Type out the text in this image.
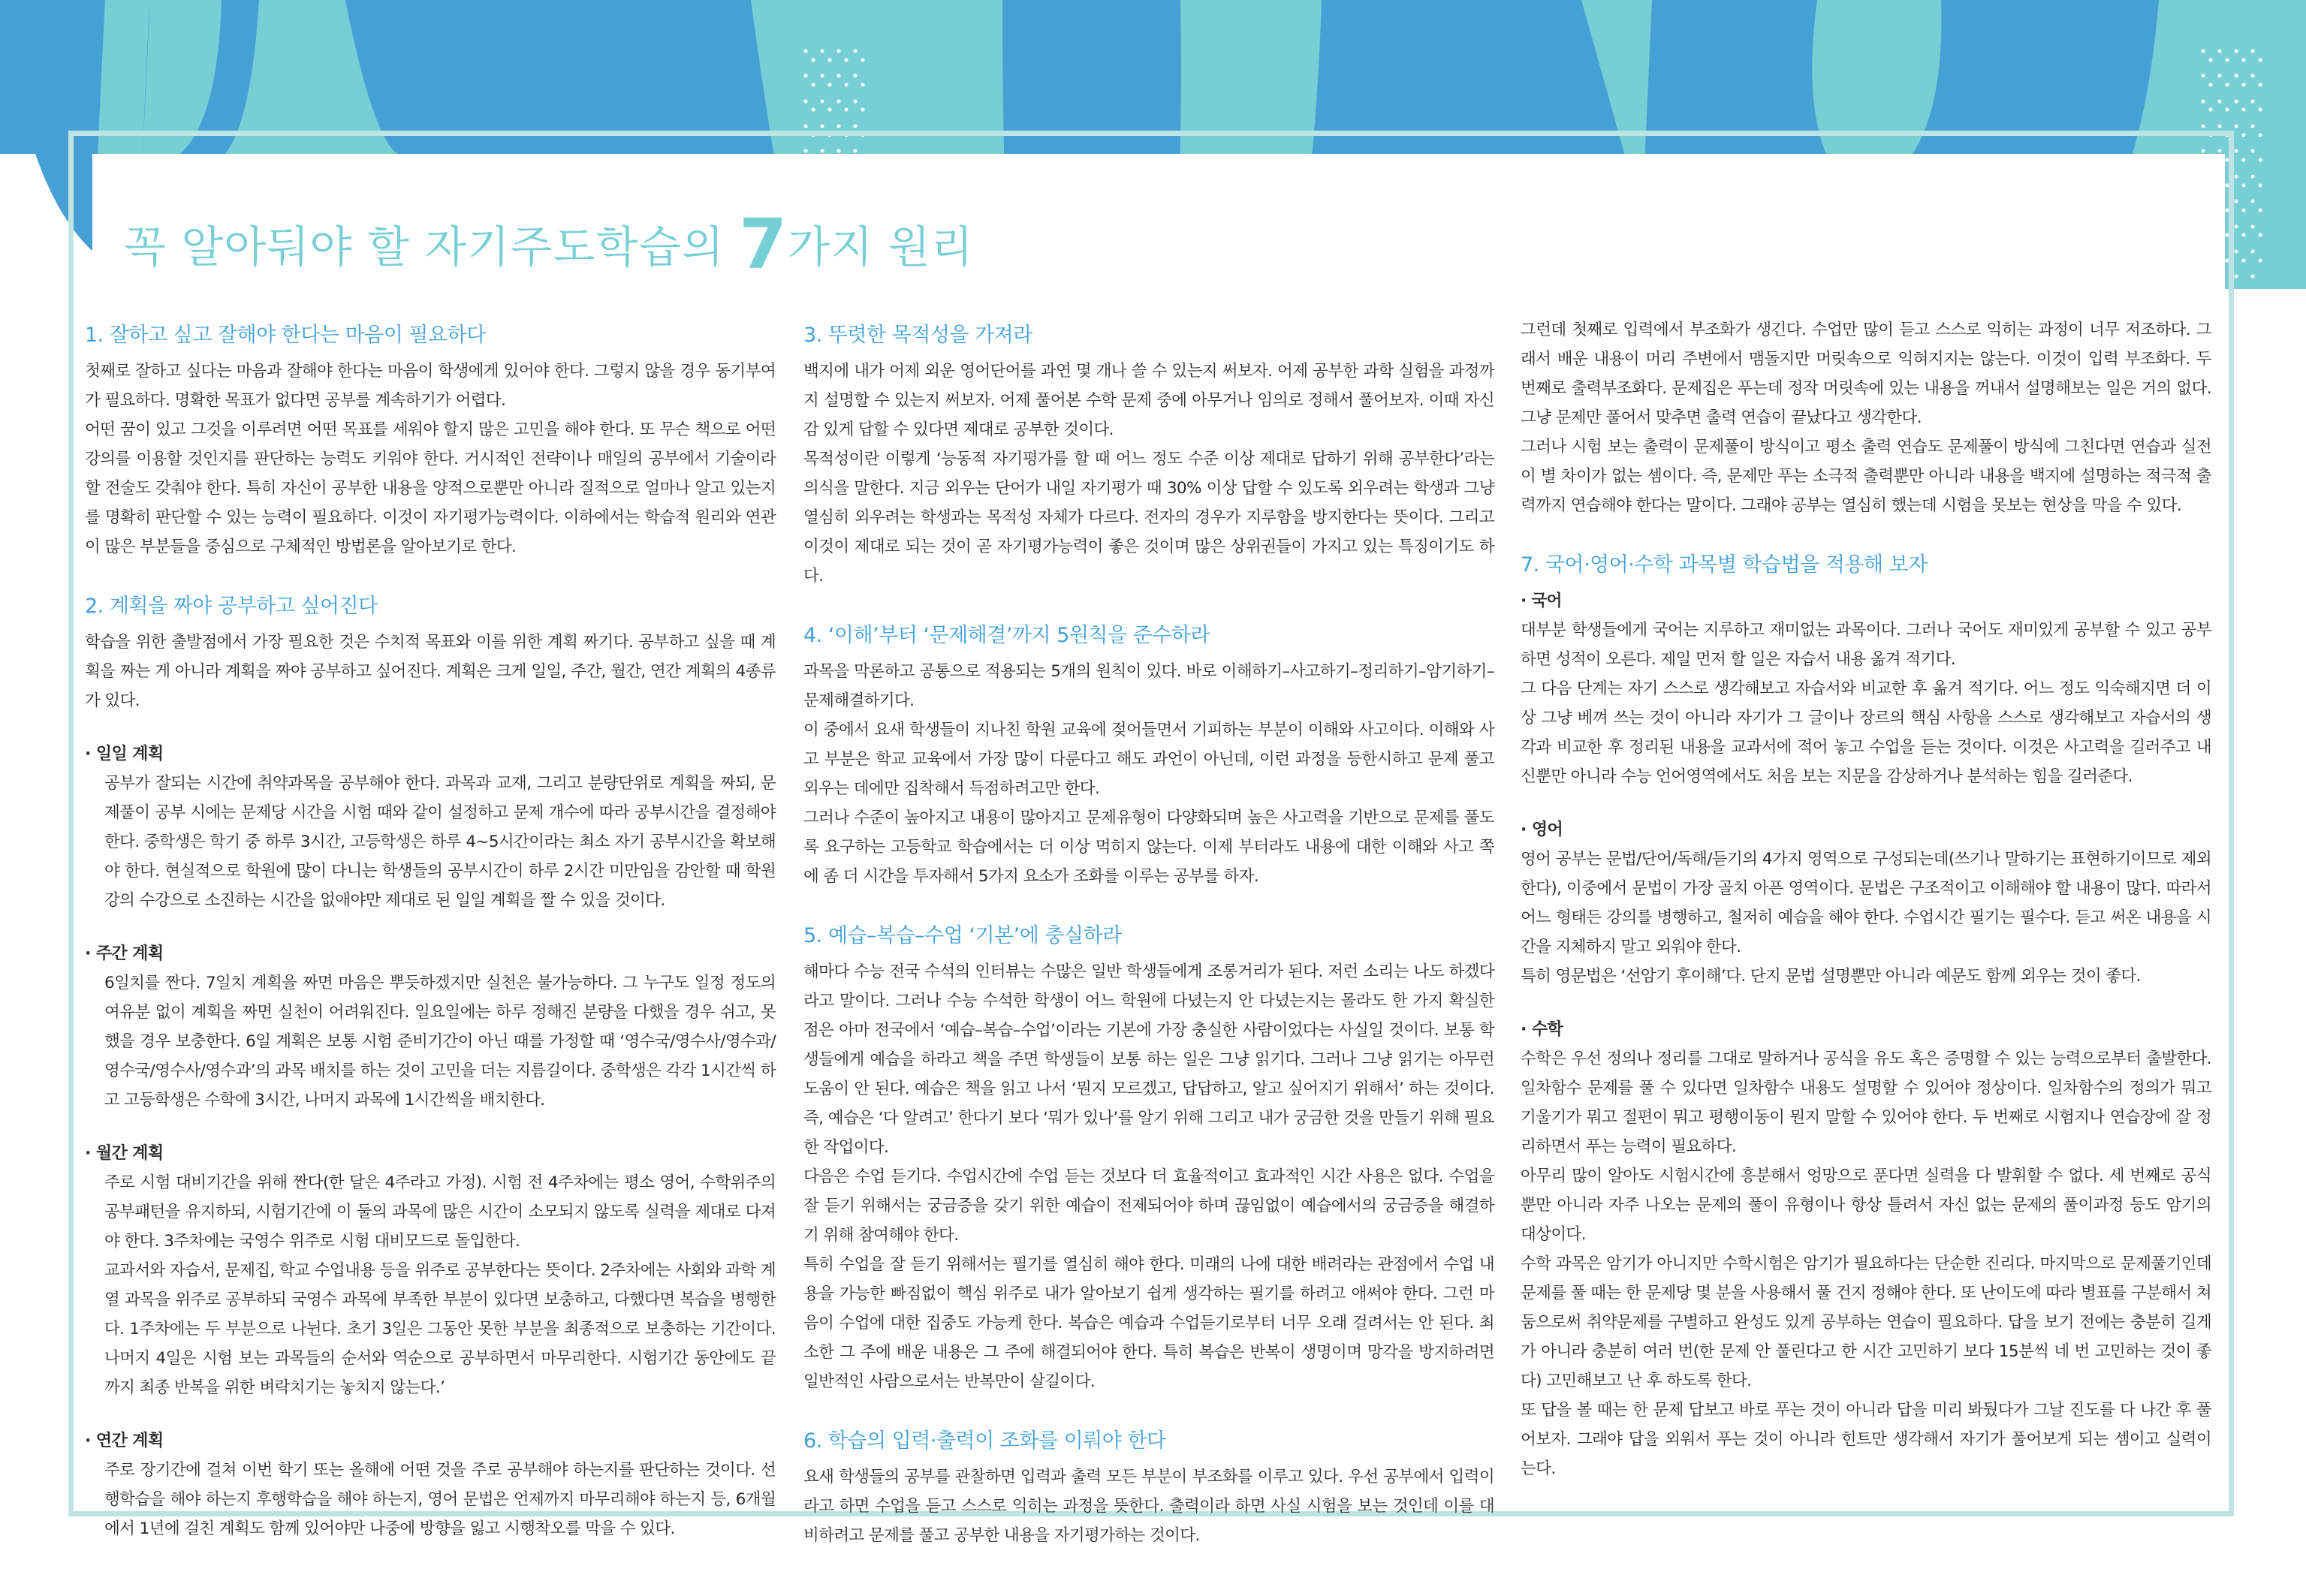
꼭 알아둬야 할 자기주도학습의 7가지 원리
1. 잘하고 싶고 잘해야 한다는 마음이 필요하다

첫째로 잘하고 싶다는 마음과 잘해야 한다는 마음이 학생에게 있어야 한다. 그렇지 않을 경우 동기부여가 필요하다. 명확한 목표가 없다면 공부를 계속하기가 어렵다.

어떤 꿈이 있고 그것을 이루려면 어떤 목표를 세워야 할지 많은 고민을 해야 한다. 또 무슨 책으로 어떤 강의를 이용할 것인지를 판단하는 능력도 키워야 한다. 거시적인 전략이나 매일의 공부에서 기술이라 할 전술도 갖춰야 한다. 특히 자신이 공부한 내용을 양적으로뿐만 아니라 질적으로 얼마나 알고 있는지를 명확히 판단할 수 있는 능력이 필요하다. 이것이 자기평가능력이다. 이하에서는 학습적 원리와 연관이 많은 부분들을 중심으로 구체적인 방법론을 알아보기로 한다.

2. 계획을 짜야 공부하고 싶어진다

학습을 위한 출발점에서 가장 필요한 것은 수치적 목표와 이를 위한 계획 짜기다. 공부하고 싶을 때 계획을 짜는 게 아니라 계획을 짜야 공부하고 싶어진다. 계획은 크게 일일, 주간, 월간, 연간 계획의 4종류가 있다.

· 일일 계획

공부가 잘되는 시간에 취약과목을 공부해야 한다. 과목과 교재, 그리고 분량단위로 계획을 짜되, 문제풀이 공부 시에는 문제당 시간을 시험 때와 같이 설정하고 문제 개수에 따라 공부시간을 결정해야 한다. 중학생은 학기 중 하루 3시간, 고등학생은 하루 4~5시간이라는 최소 자기 공부시간을 확보해야 한다. 현실적으로 학원에 많이 다니는 학생들의 공부시간이 하루 2시간 미만임을 감안할 때 학원 강의 수강으로 소진하는 시간을 없애야만 제대로 된 일일 계획을 짤 수 있을 것이다.

· 주간 계획

6일치를 짠다. 7일치 계획을 짜면 마음은 뿌듯하겠지만 실천은 불가능하다. 그 누구도 일정 정도의 여유분 없이 계획을 짜면 실천이 어려워진다. 일요일에는 하루 정해진 분량을 다했을 경우 쉬고, 못했을 경우 보충한다. 6일 계획은 보통 시험 준비기간이 아닌 때를 가정할 때 ‘영수국/영수사/영수과/영수국/영수사/영수과’의 과목 배치를 하는 것이 고민을 더는 지름길이다. 중학생은 각각 1시간씩 하고 고등학생은 수학에 3시간, 나머지 과목에 1시간씩을 배치한다.

· 월간 계획

주로 시험 대비기간을 위해 짠다(한 달은 4주라고 가정). 시험 전 4주차에는 평소 영어, 수학위주의 공부패턴을 유지하되, 시험기간에 이 둘의 과목에 많은 시간이 소모되지 않도록 실력을 제대로 다져야 한다. 3주차에는 국영수 위주로 시험 대비모드로 돌입한다.

교과서와 자습서, 문제집, 학교 수업내용 등을 위주로 공부한다는 뜻이다. 2주차에는 사회와 과학 계열 과목을 위주로 공부하되 국영수 과목에 부족한 부분이 있다면 보충하고, 다했다면 복습을 병행한다. 1주차에는 두 부분으로 나뉜다. 초기 3일은 그동안 못한 부분을 최종적으로 보충하는 기간이다. 나머지 4일은 시험 보는 과목들의 순서와 역순으로 공부하면서 마무리한다. 시험기간 동안에도 끝까지 최종 반복을 위한 벼락치기는 놓치지 않는다.’

· 연간 계획

주로 장기간에 걸쳐 이번 학기 또는 올해에 어떤 것을 주로 공부해야 하는지를 판단하는 것이다. 선행학습을 해야 하는지 후행학습을 해야 하는지, 영어 문법은 언제까지 마무리해야 하는지 등, 6개월에서 1년에 걸친 계획도 함께 있어야만 나중에 방향을 잃고 시행착오를 막을 수 있다.

3. 뚜렷한 목적성을 가져라

백지에 내가 어제 외운 영어단어를 과연 몇 개나 쓸 수 있는지 써보자. 어제 공부한 과학 실험을 과정까지 설명할 수 있는지 써보자. 어제 풀어본 수학 문제 중에 아무거나 임의로 정해서 풀어보자. 이때 자신감 있게 답할 수 있다면 제대로 공부한 것이다.

목적성이란 이렇게 ‘능동적 자기평가를 할 때 어느 정도 수준 이상 제대로 답하기 위해 공부한다’라는 의식을 말한다. 지금 외우는 단어가 내일 자기평가 때 30% 이상 답할 수 있도록 외우려는 학생과 그냥 열심히 외우려는 학생과는 목적성 자체가 다르다. 전자의 경우가 지루함을 방지한다는 뜻이다. 그리고 이것이 제대로 되는 것이 곧 자기평가능력이 좋은 것이며 많은 상위권들이 가지고 있는 특징이기도 하다.

4. ‘이해’부터 ‘문제해결’까지 5원칙을 준수하라

과목을 막론하고 공통으로 적용되는 5개의 원칙이 있다. 바로 이해하기–사고하기–정리하기–암기하기–문제해결하기다.

이 중에서 요새 학생들이 지나친 학원 교육에 젖어들면서 기피하는 부분이 이해와 사고이다. 이해와 사고 부분은 학교 교육에서 가장 많이 다룬다고 해도 과언이 아닌데, 이런 과정을 등한시하고 문제 풀고 외우는 데에만 집착해서 득점하려고만 한다.

그러나 수준이 높아지고 내용이 많아지고 문제유형이 다양화되며 높은 사고력을 기반으로 문제를 풀도록 요구하는 고등학교 학습에서는 더 이상 먹히지 않는다. 이제 부터라도 내용에 대한 이해와 사고 쪽에 좀 더 시간을 투자해서 5가지 요소가 조화를 이루는 공부를 하자.

5. 예습–복습–수업 ‘기본’에 충실하라

해마다 수능 전국 수석의 인터뷰는 수많은 일반 학생들에게 조롱거리가 된다. 저런 소리는 나도 하겠다라고 말이다. 그러나 수능 수석한 학생이 어느 학원에 다녔는지 안 다녔는지는 몰라도 한 가지 확실한 점은 아마 전국에서 ‘예습–복습–수업’이라는 기본에 가장 충실한 사람이었다는 사실일 것이다. 보통 학생들에게 예습을 하라고 책을 주면 학생들이 보통 하는 일은 그냥 읽기다. 그러나 그냥 읽기는 아무런 도움이 안 된다. 예습은 책을 읽고 나서 ‘뭔지 모르겠고, 답답하고, 알고 싶어지기 위해서’ 하는 것이다. 즉, 예습은 ‘다 알려고’ 한다기 보다 ‘뭐가 있나’를 알기 위해 그리고 내가 궁금한 것을 만들기 위해 필요한 작업이다.

다음은 수업 듣기다. 수업시간에 수업 듣는 것보다 더 효율적이고 효과적인 시간 사용은 없다. 수업을 잘 듣기 위해서는 궁금증을 갖기 위한 예습이 전제되어야 하며 끊임없이 예습에서의 궁금증을 해결하기 위해 참여해야 한다.

특히 수업을 잘 듣기 위해서는 필기를 열심히 해야 한다. 미래의 나에 대한 배려라는 관점에서 수업 내용을 가능한 빠짐없이 핵심 위주로 내가 알아보기 쉽게 생각하는 필기를 하려고 애써야 한다. 그런 마음이 수업에 대한 집중도 가능케 한다. 복습은 예습과 수업듣기로부터 너무 오래 걸려서는 안 된다. 최소한 그 주에 배운 내용은 그 주에 해결되어야 한다. 특히 복습은 반복이 생명이며 망각을 방지하려면 일반적인 사람으로서는 반복만이 살길이다.

6. 학습의 입력·출력이 조화를 이뤄야 한다

요새 학생들의 공부를 관찰하면 입력과 출력 모든 부분이 부조화를 이루고 있다. 우선 공부에서 입력이라고 하면 수업을 듣고 스스로 익히는 과정을 뜻한다. 출력이라 하면 사실 시험을 보는 것인데 이를 대비하려고 문제를 풀고 공부한 내용을 자기평가하는 것이다.

그런데 첫째로 입력에서 부조화가 생긴다. 수업만 많이 듣고 스스로 익히는 과정이 너무 저조하다. 그래서 배운 내용이 머리 주변에서 맴돌지만 머릿속으로 익혀지지는 않는다. 이것이 입력 부조화다. 두 번째로 출력부조화다. 문제집은 푸는데 정작 머릿속에 있는 내용을 꺼내서 설명해보는 일은 거의 없다. 그냥 문제만 풀어서 맞추면 출력 연습이 끝났다고 생각한다.

그러나 시험 보는 출력이 문제풀이 방식이고 평소 출력 연습도 문제풀이 방식에 그친다면 연습과 실전이 별 차이가 없는 셈이다. 즉, 문제만 푸는 소극적 출력뿐만 아니라 내용을 백지에 설명하는 적극적 출력까지 연습해야 한다는 말이다. 그래야 공부는 열심히 했는데 시험을 못보는 현상을 막을 수 있다.

7. 국어·영어·수학 과목별 학습법을 적용해 보자

· 국어

대부분 학생들에게 국어는 지루하고 재미없는 과목이다. 그러나 국어도 재미있게 공부할 수 있고 공부하면 성적이 오른다. 제일 먼저 할 일은 자습서 내용 옮겨 적기다.

그 다음 단계는 자기 스스로 생각해보고 자습서와 비교한 후 옮겨 적기다. 어느 정도 익숙해지면 더 이상 그냥 베껴 쓰는 것이 아니라 자기가 그 글이나 장르의 핵심 사항을 스스로 생각해보고 자습서의 생각과 비교한 후 정리된 내용을 교과서에 적어 놓고 수업을 듣는 것이다. 이것은 사고력을 길러주고 내신뿐만 아니라 수능 언어영역에서도 처음 보는 지문을 감상하거나 분석하는 힘을 길러준다.

· 영어

영어 공부는 문법/단어/독해/듣기의 4가지 영역으로 구성되는데(쓰기나 말하기는 표현하기이므로 제외한다), 이중에서 문법이 가장 골치 아픈 영역이다. 문법은 구조적이고 이해해야 할 내용이 많다. 따라서 어느 형태든 강의를 병행하고, 철저히 예습을 해야 한다. 수업시간 필기는 필수다. 듣고 써온 내용을 시간을 지체하지 말고 외워야 한다.

특히 영문법은 ‘선암기 후이해’다. 단지 문법 설명뿐만 아니라 예문도 함께 외우는 것이 좋다.

· 수학

수학은 우선 정의나 정리를 그대로 말하거나 공식을 유도 혹은 증명할 수 있는 능력으로부터 출발한다. 일차함수 문제를 풀 수 있다면 일차함수 내용도 설명할 수 있어야 정상이다. 일차함수의 정의가 뭐고 기울기가 뭐고 절편이 뭐고 평행이동이 뭔지 말할 수 있어야 한다. 두 번째로 시험지나 연습장에 잘 정리하면서 푸는 능력이 필요하다.

아무리 많이 알아도 시험시간에 흥분해서 엉망으로 푼다면 실력을 다 발휘할 수 없다. 세 번째로 공식뿐만 아니라 자주 나오는 문제의 풀이 유형이나 항상 틀려서 자신 없는 문제의 풀이과정 등도 암기의 대상이다.

수학 과목은 암기가 아니지만 수학시험은 암기가 필요하다는 단순한 진리다. 마지막으로 문제풀기인데 문제를 풀 때는 한 문제당 몇 분을 사용해서 풀 건지 정해야 한다. 또 난이도에 따라 별표를 구분해서 쳐 둠으로써 취약문제를 구별하고 완성도 있게 공부하는 연습이 필요하다. 답을 보기 전에는 충분히 길게가 아니라 충분히 여러 번(한 문제 안 풀린다고 한 시간 고민하기 보다 15분씩 네 번 고민하는 것이 좋다) 고민해보고 난 후 하도록 한다.

또 답을 볼 때는 한 문제 답보고 바로 푸는 것이 아니라 답을 미리 봐뒀다가 그날 진도를 다 나간 후 풀어보자. 그래야 답을 외워서 푸는 것이 아니라 힌트만 생각해서 자기가 풀어보게 되는 셈이고 실력이 는다.
